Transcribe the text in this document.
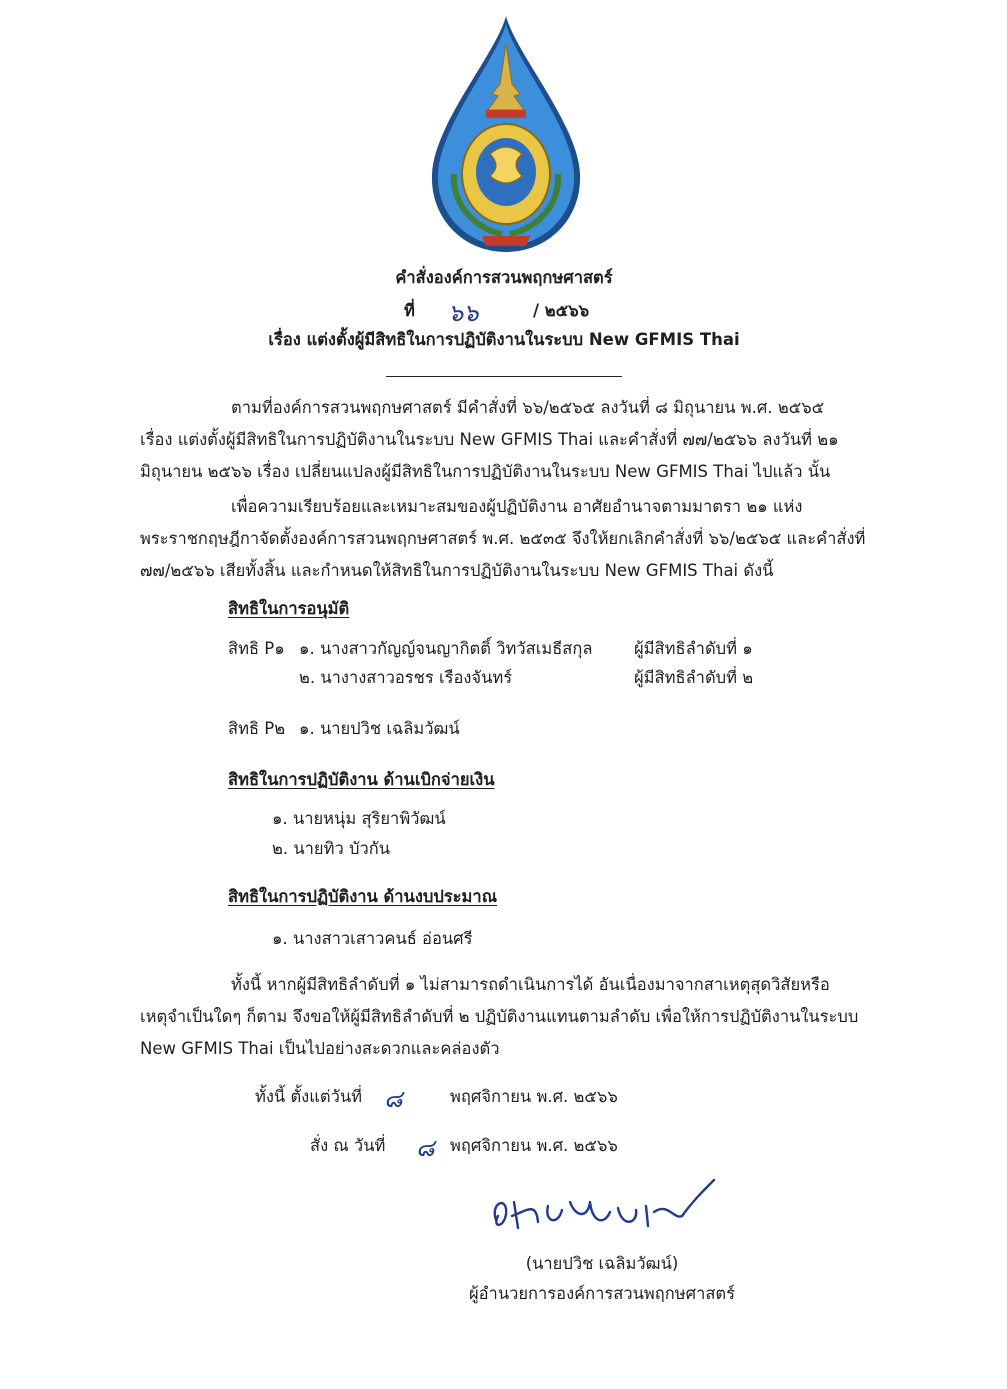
คำสั่งองค์การสวนพฤกษศาสตร์
ที่ ๖๖	/ ๒๕๖๖
เรื่อง แต่งตั้งผู้มีสิทธิในการปฏิบัติงานในระบบ New GFMIS Thai
ตามที่องค์การสวนพฤกษศาสตร์ มีคำสั่งที่ ๖๖/๒๕๖๕ ลงวันที่ ๘ มิถุนายน พ.ศ. ๒๕๖๕
เรื่อง แต่งตั้งผู้มีสิทธิในการปฏิบัติงานในระบบ New GFMIS Thai และคำสั่งที่ ๗๗/๒๕๖๖ ลงวันที่ ๒๑
มิถุนายน ๒๕๖๖ เรื่อง เปลี่ยนแปลงผู้มีสิทธิในการปฏิบัติงานในระบบ New GFMIS Thai ไปแล้ว นั้น
เพื่อความเรียบร้อยและเหมาะสมของผู้ปฏิบัติงาน อาศัยอำนาจตามมาตรา ๒๑ แห่ง
พระราชกฤษฎีกาจัดตั้งองค์การสวนพฤกษศาสตร์ พ.ศ. ๒๕๓๕ จึงให้ยกเลิกคำสั่งที่ ๖๖/๒๕๖๕ และคำสั่งที่
๗๗/๒๕๖๖ เสียทั้งสิ้น และกำหนดให้สิทธิในการปฏิบัติงานในระบบ New GFMIS Thai ดังนี้
สิทธิในการอนุมัติ
สิทธิ P๑ ๑. นางสาวกัญญ์จนญากิตติ์ วิทวัสเมธีสกุล	ผู้มีสิทธิลำดับที่ ๑
๒. นางางสาวอรชร เรืองจันทร์	ผู้มีสิทธิลำดับที่ ๒
สิทธิ P๒ ๑. นายปวิช เฉลิมวัฒน์
สิทธิในการปฏิบัติงาน ด้านเบิกจ่ายเงิน
๑. นายหนุ่ม สุริยาพิวัฒน์
๒. นายทิว บัวกัน
สิทธิในการปฏิบัติงาน ด้านงบประมาณ
๑. นางสาวเสาวคนธ์ อ่อนศรี
ทั้งนี้ หากผู้มีสิทธิลำดับที่ ๑ ไม่สามารถดำเนินการได้ อันเนื่องมาจากสาเหตุสุดวิสัยหรือ
เหตุจำเป็นใดๆ ก็ตาม จึงขอให้ผู้มีสิทธิลำดับที่ ๒ ปฏิบัติงานแทนตามลำดับ เพื่อให้การปฏิบัติงานในระบบ
New GFMIS Thai เป็นไปอย่างสะดวกและคล่องตัว
ทั้งนี้ ตั้งแต่วันที่ ๘	พฤศจิกายน พ.ศ. ๒๕๖๖
สั่ง ณ วันที่ ๘ พฤศจิกายน พ.ศ. ๒๕๖๖
(นายปวิช เฉลิมวัฒน์)
ผู้อำนวยการองค์การสวนพฤกษศาสตร์
